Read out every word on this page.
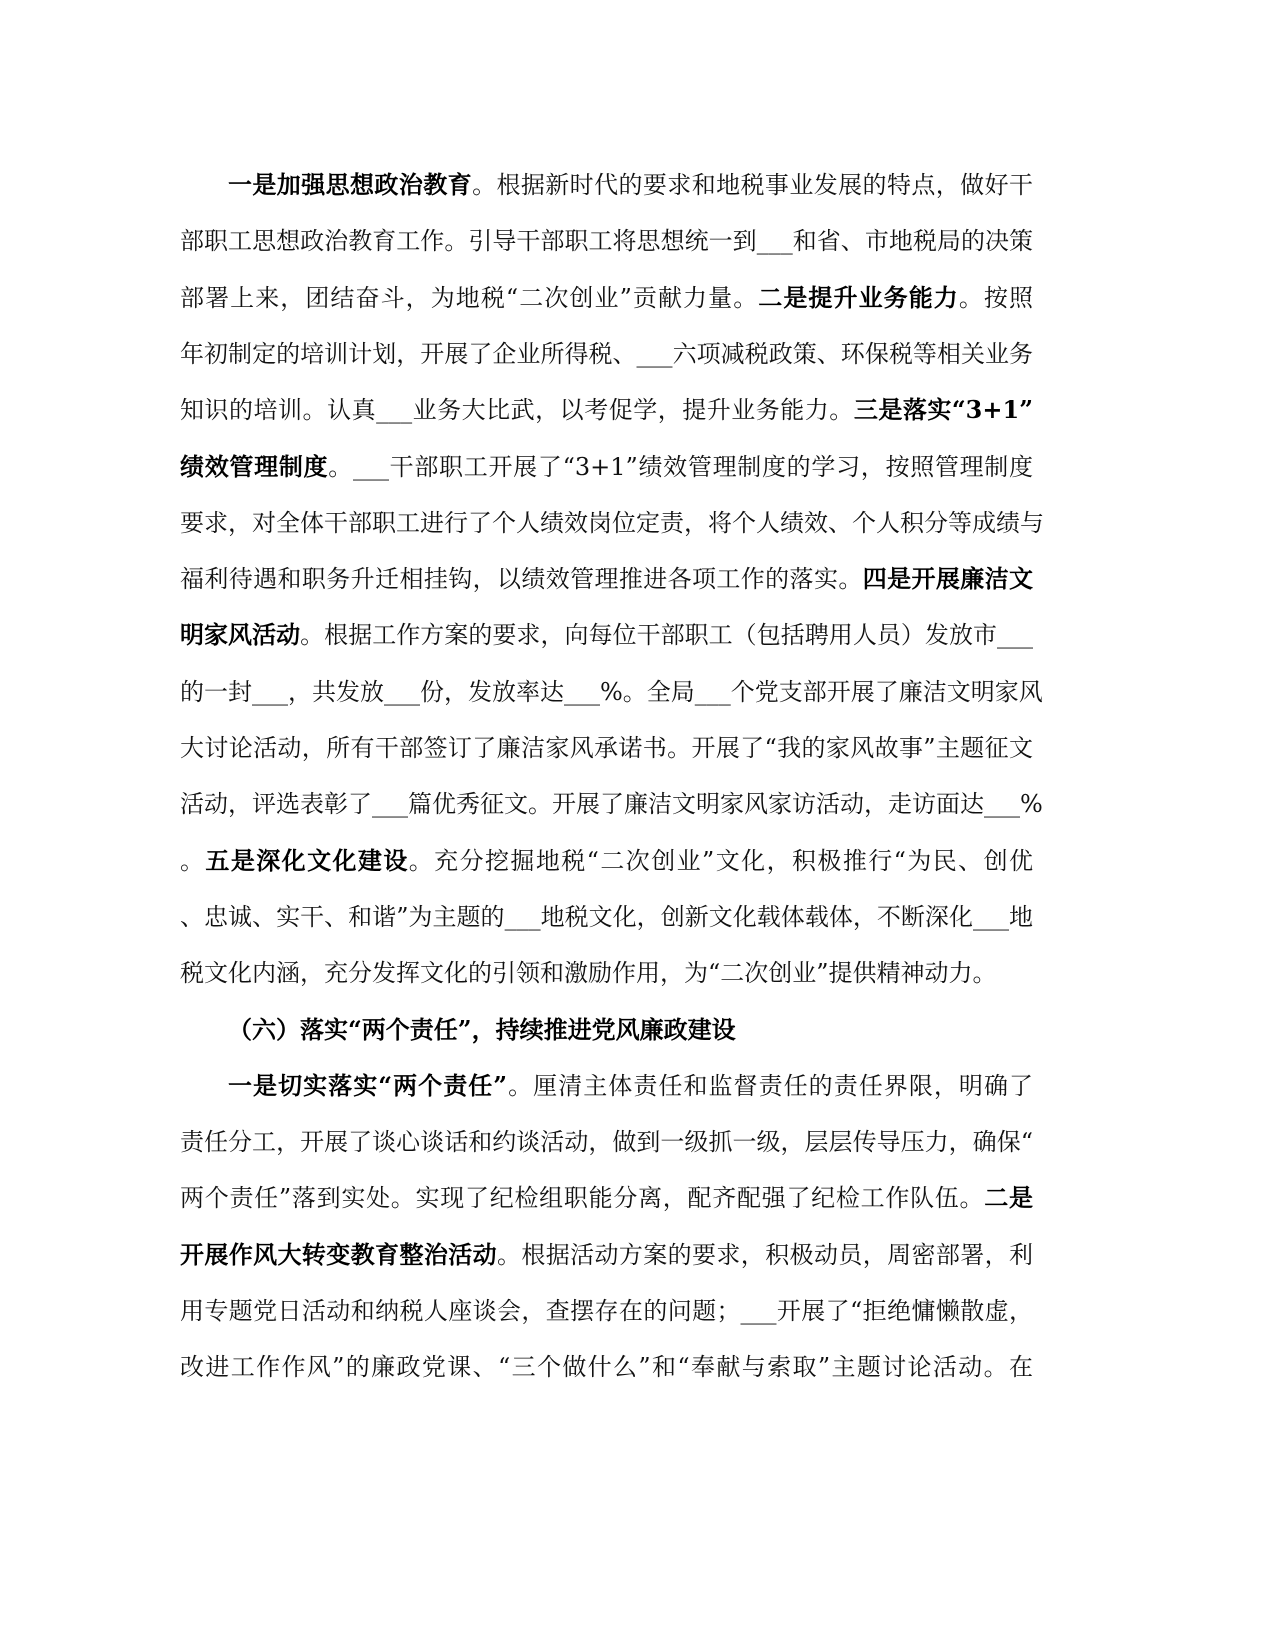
一是加强思想政治教育。根据新时代的要求和地税事业发展的特点，做好干
部职工思想政治教育工作。引导干部职工将思想统一到___和省、市地税局的决策
部署上来，团结奋斗，为地税“二次创业”贡献力量。二是提升业务能力。按照
年初制定的培训计划，开展了企业所得税、___六项减税政策、环保税等相关业务
知识的培训。认真___业务大比武，以考促学，提升业务能力。三是落实“3+1”
绩效管理制度。___干部职工开展了“3+1”绩效管理制度的学习，按照管理制度
要求，对全体干部职工进行了个人绩效岗位定责，将个人绩效、个人积分等成绩与
福利待遇和职务升迁相挂钩，以绩效管理推进各项工作的落实。四是开展廉洁文
明家风活动。根据工作方案的要求，向每位干部职工（包括聘用人员）发放市___
的一封___，共发放___份，发放率达___%。全局___个党支部开展了廉洁文明家风
大讨论活动，所有干部签订了廉洁家风承诺书。开展了“我的家风故事”主题征文
活动，评选表彰了___篇优秀征文。开展了廉洁文明家风家访活动，走访面达___%
。五是深化文化建设。充分挖掘地税“二次创业”文化，积极推行“为民、创优
、忠诚、实干、和谐”为主题的___地税文化，创新文化载体载体，不断深化___地
税文化内涵，充分发挥文化的引领和激励作用，为“二次创业”提供精神动力。
（六）落实“两个责任”，持续推进党风廉政建设
一是切实落实“两个责任”。厘清主体责任和监督责任的责任界限，明确了
责任分工，开展了谈心谈话和约谈活动，做到一级抓一级，层层传导压力，确保“
两个责任”落到实处。实现了纪检组职能分离，配齐配强了纪检工作队伍。二是
开展作风大转变教育整治活动。根据活动方案的要求，积极动员，周密部署，利
用专题党日活动和纳税人座谈会，查摆存在的问题；___开展了“拒绝慵懒散虚，
改进工作作风”的廉政党课、“三个做什么”和“奉献与索取”主题讨论活动。在
